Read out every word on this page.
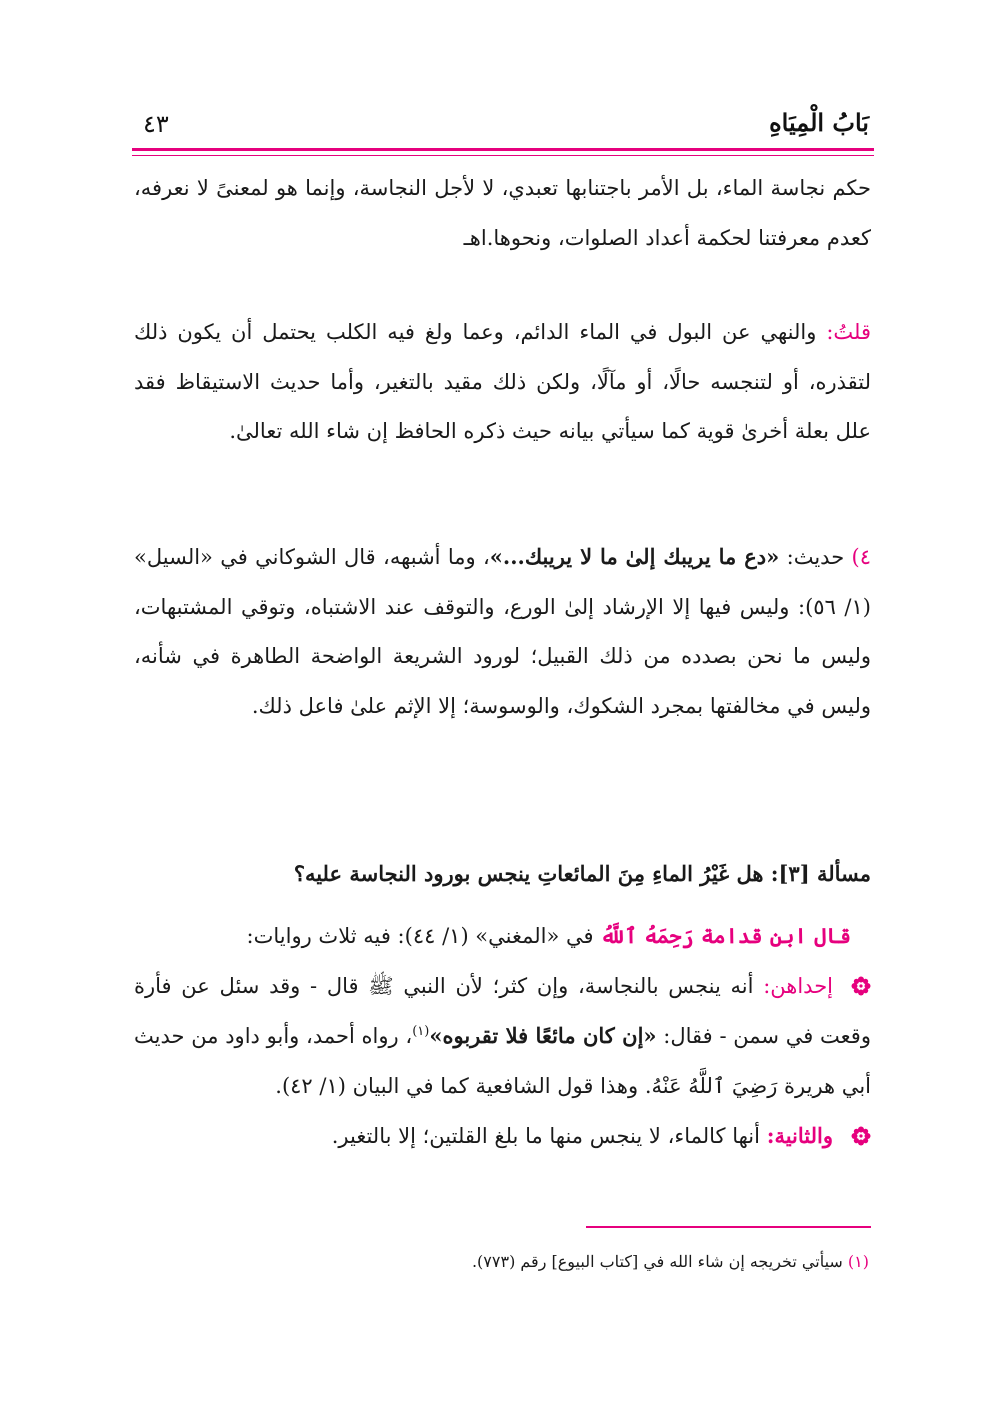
بَابُ الْمِيَاهِ
٤٣

حكم نجاسة الماء، بل الأمر باجتنابها تعبدي، لا لأجل النجاسة، وإنما هو لمعنىً لا نعرفه، كعدم معرفتنا لحكمة أعداد الصلوات، ونحوها.اهـ

قلتُ: والنهي عن البول في الماء الدائم، وعما ولغ فيه الكلب يحتمل أن يكون ذلك لتقذره، أو لتنجسه حالًا، أو مآلًا، ولكن ذلك مقيد بالتغير، وأما حديث الاستيقاظ فقد علل بعلة أخرىٰ قوية كما سيأتي بيانه حيث ذكره الحافظ إن شاء الله تعالىٰ.

٤) حديث: «دع ما يريبك إلىٰ ما لا يريبك...»، وما أشبهه، قال الشوكاني في «السيل» (١/ ٥٦): وليس فيها إلا الإرشاد إلىٰ الورع، والتوقف عند الاشتباه، وتوقي المشتبهات، وليس ما نحن بصدده من ذلك القبيل؛ لورود الشريعة الواضحة الطاهرة في شأنه، وليس في مخالفتها بمجرد الشكوك، والوسوسة؛ إلا الإثم علىٰ فاعل ذلك.

مسألة [٣]: هل غَيْرُ الماءِ مِنَ المائعاتِ ينجس بورود النجاسة عليه؟

قال ابن قدامة رَحِمَهُ ٱللَّهُ في «المغني» (١/ ٤٤): فيه ثلاث روايات:

إحداهن: أنه ينجس بالنجاسة، وإن كثر؛ لأن النبي ﷺ قال - وقد سئل عن فأرة وقعت في سمن - فقال: «إن كان مائعًا فلا تقربوه»$^{(١)}$، رواه أحمد، وأبو داود من حديث أبي هريرة رَضِيَ ٱللَّهُ عَنْهُ. وهذا قول الشافعية كما في البيان (١/ ٤٢).

والثانية: أنها كالماء، لا ينجس منها ما بلغ القلتين؛ إلا بالتغير.

(١) سيأتي تخريجه إن شاء الله في [كتاب البيوع] رقم (٧٧٣).
